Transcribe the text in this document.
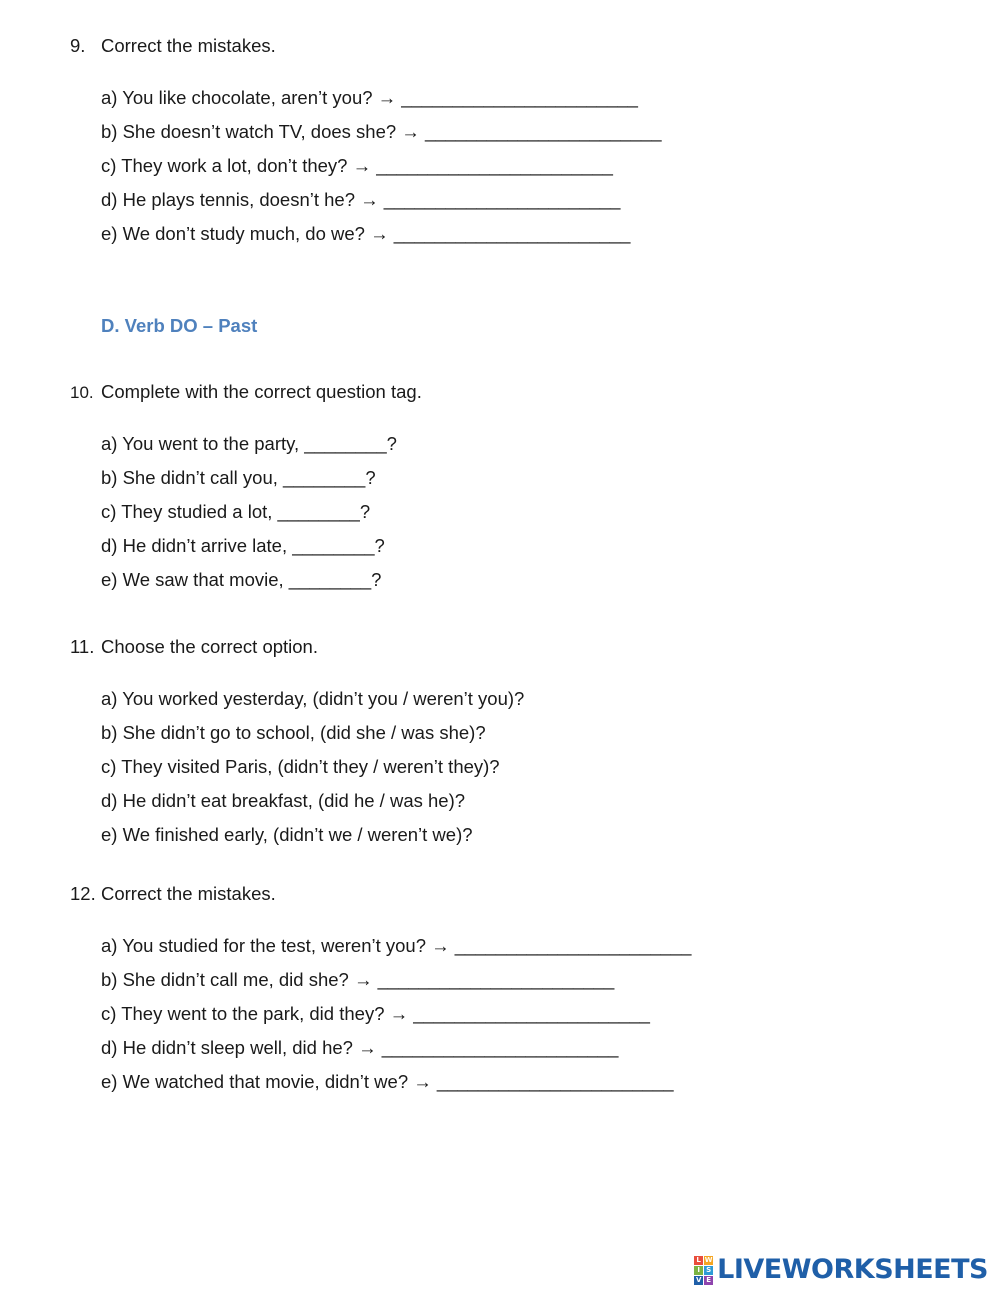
9. Correct the mistakes.
a) You like chocolate, aren’t you? → _______________________
b) She doesn’t watch TV, does she? → _______________________
c) They work a lot, don’t they? → _______________________
d) He plays tennis, doesn’t he? → _______________________
e) We don’t study much, do we? → _______________________
D. Verb DO – Past
10. Complete with the correct question tag.
a) You went to the party, ________?
b) She didn’t call you, ________?
c) They studied a lot, ________?
d) He didn’t arrive late, ________?
e) We saw that movie, ________?
11. Choose the correct option.
a) You worked yesterday, (didn’t you / weren’t you)?
b) She didn’t go to school, (did she / was she)?
c) They visited Paris, (didn’t they / weren’t they)?
d) He didn’t eat breakfast, (did he / was he)?
e) We finished early, (didn’t we / weren’t we)?
12. Correct the mistakes.
a) You studied for the test, weren’t you? → _______________________
b) She didn’t call me, did she? → _______________________
c) They went to the park, did they? → _______________________
d) He didn’t sleep well, did he? → _______________________
e) We watched that movie, didn’t we? → _______________________
L W
I S
V E LIVEWORKSHEETS
